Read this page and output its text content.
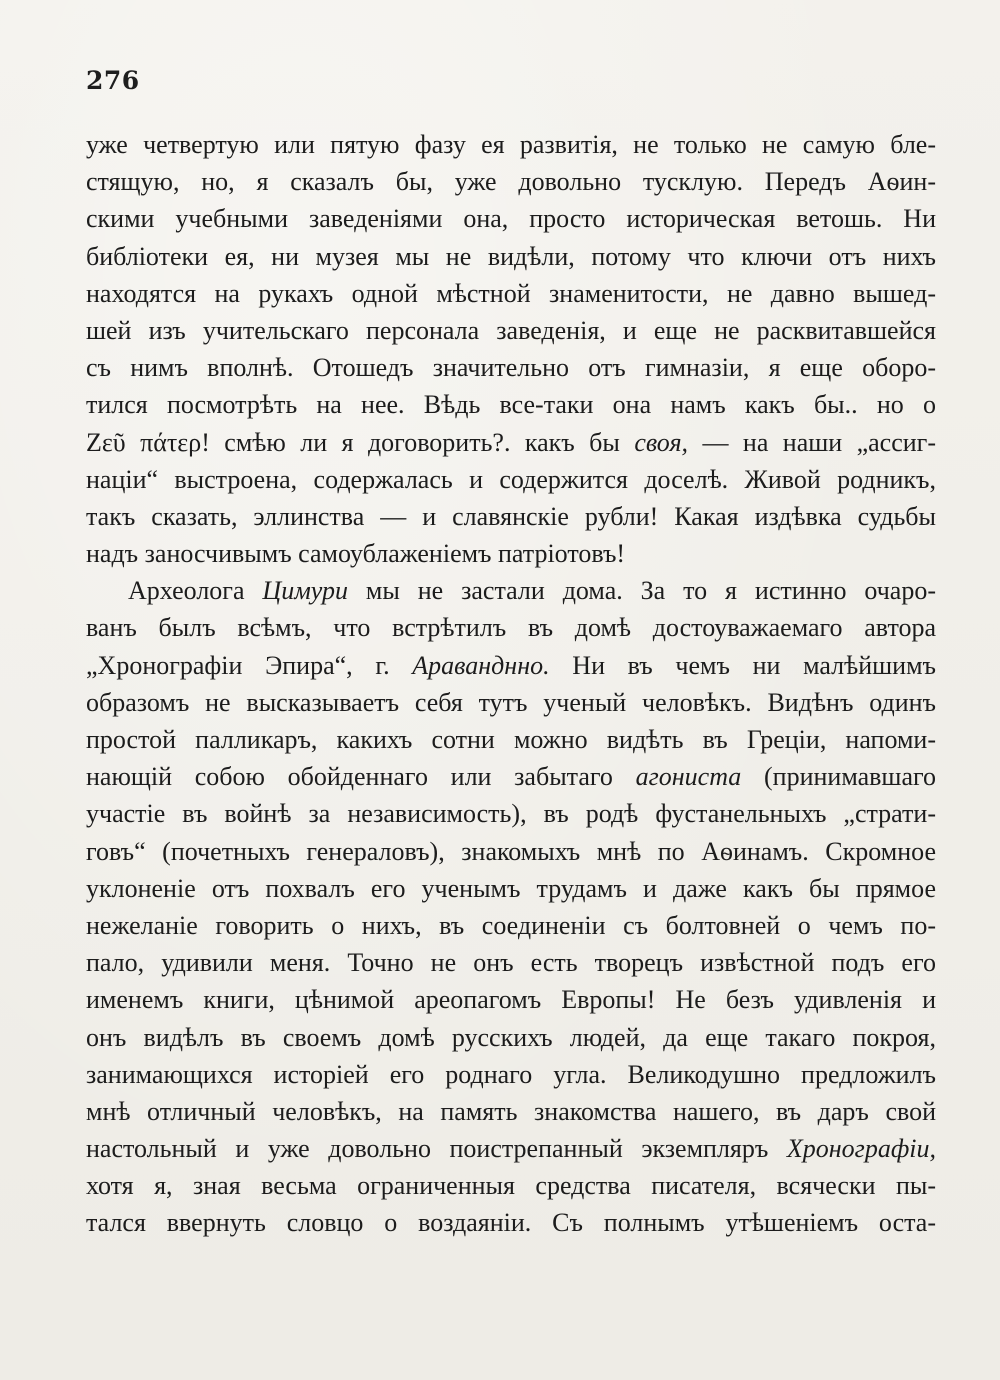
276
уже четвертую или пятую фазу ея развитія, не только не самую бле-
стящую, но, я сказалъ бы, уже довольно тусклую. Передъ Аѳин-
скими учебными заведеніями она, просто историческая ветошь. Ни
библіотеки ея, ни музея мы не видѣли, потому что ключи отъ нихъ
находятся на рукахъ одной мѣстной знаменитости, не давно вышед-
шей изъ учительскаго персонала заведенія, и еще не расквитавшейся
съ нимъ вполнѣ. Отошедъ значительно отъ гимназіи, я еще оборо-
тился посмотрѣть на нее. Вѣдь все-таки она намъ какъ бы.. но о
Ζεῦ πάτερ! смѣю ли я договорить?. какъ бы своя, — на наши „ассиг-
націи“ выстроена, содержалась и содержится доселѣ. Живой родникъ,
такъ сказать, эллинства — и славянскіе рубли! Какая издѣвка судьбы
надъ заносчивымъ самоублаженіемъ патріотовъ!
Археолога Цимури мы не застали дома. За то я истинно очаро-
ванъ былъ всѣмъ, что встрѣтилъ въ домѣ достоуважаемаго автора
„Хронографіи Эпира“, г. Араванднно. Ни въ чемъ ни малѣйшимъ
образомъ не высказываетъ себя тутъ ученый человѣкъ. Видѣнъ одинъ
простой палликаръ, какихъ сотни можно видѣть въ Греціи, напоми-
нающій собою обойденнаго или забытаго агониста (принимавшаго
участіе въ войнѣ за независимость), въ родѣ фустанельныхъ „страти-
говъ“ (почетныхъ генераловъ), знакомыхъ мнѣ по Аѳинамъ. Скромное
уклоненіе отъ похвалъ его ученымъ трудамъ и даже какъ бы прямое
нежеланіе говорить о нихъ, въ соединеніи съ болтовней о чемъ по-
пало, удивили меня. Точно не онъ есть творецъ извѣстной подъ его
именемъ книги, цѣнимой ареопагомъ Европы! Не безъ удивленія и
онъ видѣлъ въ своемъ домѣ русскихъ людей, да еще такаго покроя,
занимающихся исторіей его роднаго угла. Великодушно предложилъ
мнѣ отличный человѣкъ, на память знакомства нашего, въ даръ свой
настольный и уже довольно поистрепанный экземпляръ Хронографіи,
хотя я, зная весьма ограниченныя средства писателя, всячески пы-
тался ввернуть словцо о воздаяніи. Съ полнымъ утѣшеніемъ оста-
